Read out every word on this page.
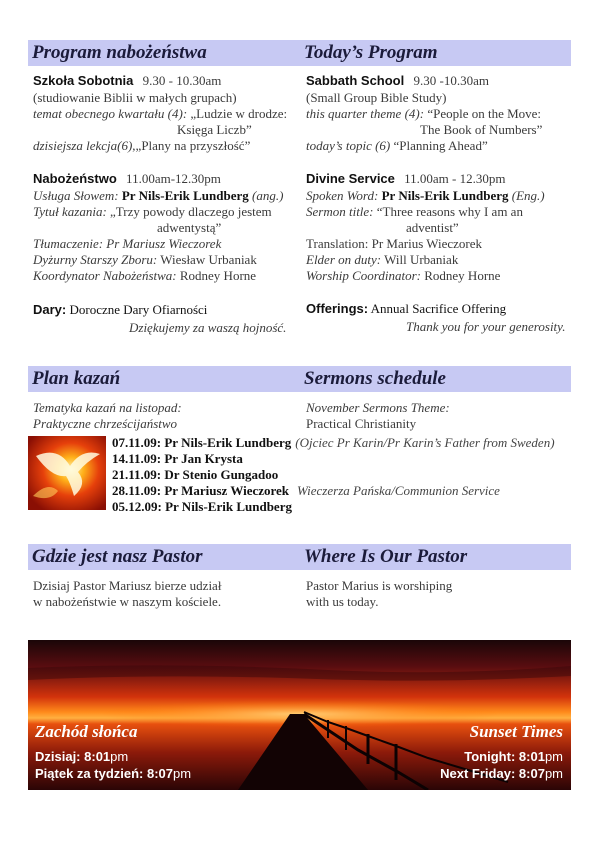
Program nabożeństwa	Today’s Program
Szkoła Sobotnia 9.30 - 10.30am
(studiowanie Biblii w małych grupach)
temat obecnego kwartału (4): „Ludzie w drodze:
Księga Liczb”
dzisiejsza lekcja(6),„Plany na przyszłość”
Nabożeństwo 11.00am-12.30pm
Usługa Słowem: Pr Nils-Erik Lundberg (ang.)
Tytuł kazania: „Trzy powody dlaczego jestem
adwentystą”
Tłumaczenie: Pr Mariusz Wieczorek
Dyżurny Starszy Zboru: Wiesław Urbaniak
Koordynator Nabożeństwa: Rodney Horne
Dary: Doroczne Dary Ofiarności
Dziękujemy za waszą hojność.
Sabbath School 9.30 -10.30am
(Small Group Bible Study)
this quarter theme (4): “People on the Move:
The Book of Numbers”
today’s topic (6) “Planning Ahead”
Divine Service 11.00am - 12.30pm
Spoken Word: Pr Nils-Erik Lundberg (Eng.)
Sermon title: “Three reasons why I am an
adventist”
Translation: Pr Marius Wieczorek
Elder on duty: Will Urbaniak
Worship Coordinator: Rodney Horne
Offerings: Annual Sacrifice Offering
Thank you for your generosity.
Plan kazań	Sermons schedule
Tematyka kazań na listopad:
Praktyczne chrześcijaństwo
November Sermons Theme:
Practical Christianity
07.11.09: Pr Nils-Erik Lundberg (Ojciec Pr Karin/Pr Karin’s Father from Sweden)
14.11.09: Pr Jan Krysta
21.11.09: Dr Stenio Gungadoo
28.11.09: Pr Mariusz Wieczorek Wieczerza Pańska/Communion Service
05.12.09: Pr Nils-Erik Lundberg
Gdzie jest nasz Pastor	Where Is Our Pastor
Dzisiaj Pastor Mariusz bierze udział
w nabożeństwie w naszym kościele.
Pastor Marius is worshiping
with us today.
Zachód słońca	Sunset Times
Dzisiaj: 8:01pm
Piątek za tydzień: 8:07pm
Tonight: 8:01pm
Next Friday: 8:07pm
